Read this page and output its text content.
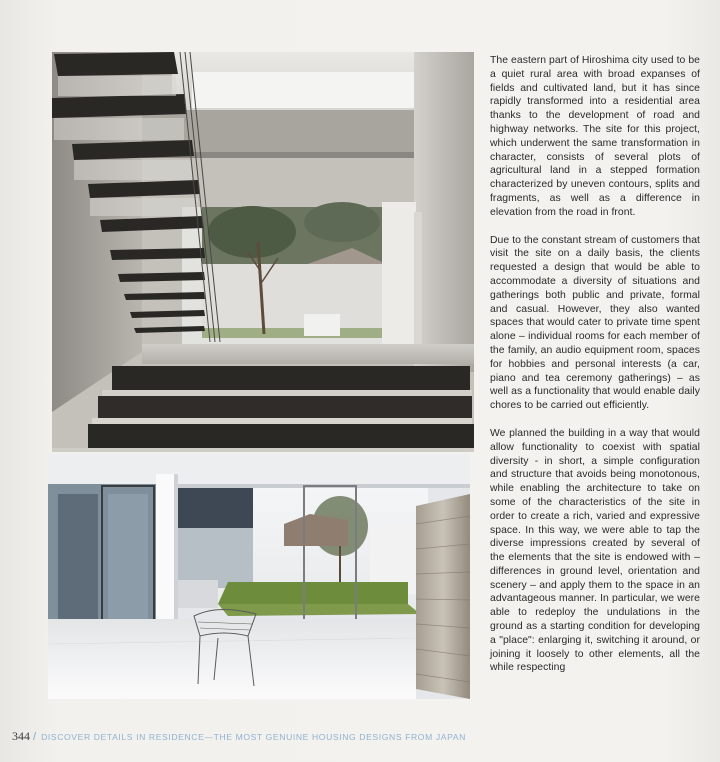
The eastern part of Hiroshima city used to be a quiet rural area with broad expanses of fields and cultivated land, but it has since rapidly transformed into a residential area thanks to the development of road and highway networks. The site for this project, which underwent the same transformation in character, consists of several plots of agricultural land in a stepped formation characterized by uneven contours, splits and fragments, as well as a difference in elevation from the road in front.

Due to the constant stream of customers that visit the site on a daily basis, the clients requested a design that would be able to accommodate a diversity of situations and gatherings both public and private, formal and casual. However, they also wanted spaces that would cater to private time spent alone – individual rooms for each member of the family, an audio equipment room, spaces for hobbies and personal interests (a car, piano and tea ceremony gatherings) – as well as a functionality that would enable daily chores to be carried out efficiently.

We planned the building in a way that would allow functionality to coexist with spatial diversity - in short, a simple configuration and structure that avoids being monotonous, while enabling the architecture to take on some of the characteristics of the site in order to create a rich, varied and expressive space. In this way, we were able to tap the diverse impressions created by several of the elements that the site is endowed with – differences in ground level, orientation and scenery – and apply them to the space in an advantageous manner. In particular, we were able to redeploy the undulations in the ground as a starting condition for developing a "place": enlarging it, switching it around, or joining it loosely to other elements, all the while respecting

344 / DISCOVER DETAILS IN RESIDENCE—THE MOST GENUINE HOUSING DESIGNS FROM JAPAN
